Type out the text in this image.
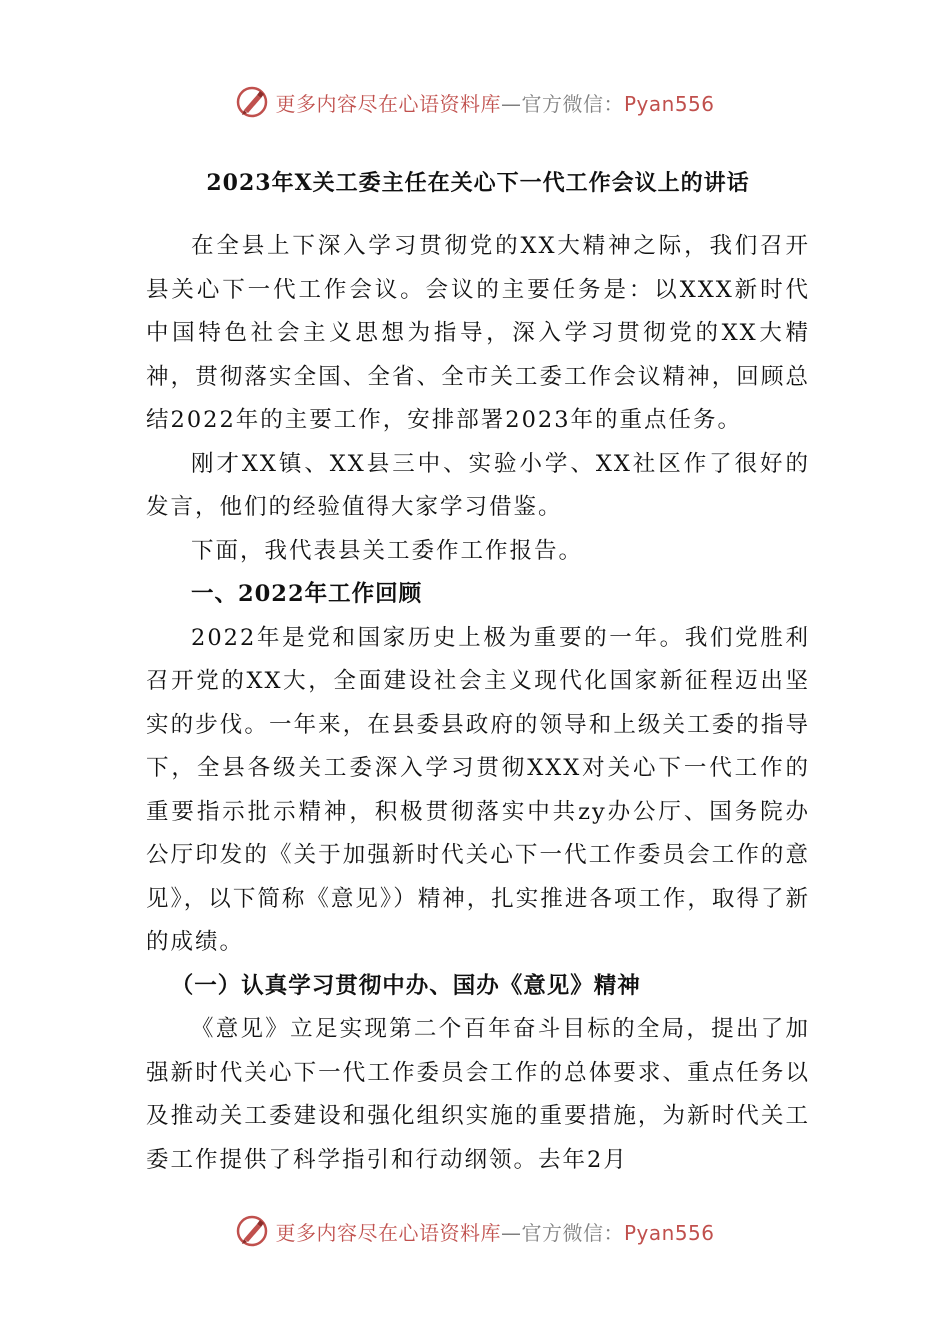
更多内容尽在心语资料库—官方微信：Pyan556
2023年X关工委主任在关心下一代工作会议上的讲话

在全县上下深入学习贯彻党的XX大精神之际，我们召开县关心下一代工作会议。会议的主要任务是：以XXX新时代中国特色社会主义思想为指导，深入学习贯彻党的XX大精神，贯彻落实全国、全省、全市关工委工作会议精神，回顾总结2022年的主要工作，安排部署2023年的重点任务。

刚才XX镇、XX县三中、实验小学、XX社区作了很好的发言，他们的经验值得大家学习借鉴。

下面，我代表县关工委作工作报告。

一、2022年工作回顾

2022年是党和国家历史上极为重要的一年。我们党胜利召开党的XX大，全面建设社会主义现代化国家新征程迈出坚实的步伐。一年来，在县委县政府的领导和上级关工委的指导下，全县各级关工委深入学习贯彻XXX对关心下一代工作的重要指示批示精神，积极贯彻落实中共zy办公厅、国务院办公厅印发的《关于加强新时代关心下一代工作委员会工作的意见》，以下简称《意见》）精神，扎实推进各项工作，取得了新的成绩。

（一）认真学习贯彻中办、国办《意见》精神

《意见》立足实现第二个百年奋斗目标的全局，提出了加强新时代关心下一代工作委员会工作的总体要求、重点任务以及推动关工委建设和强化组织实施的重要措施，为新时代关工委工作提供了科学指引和行动纲领。去年2月

更多内容尽在心语资料库—官方微信：Pyan556
